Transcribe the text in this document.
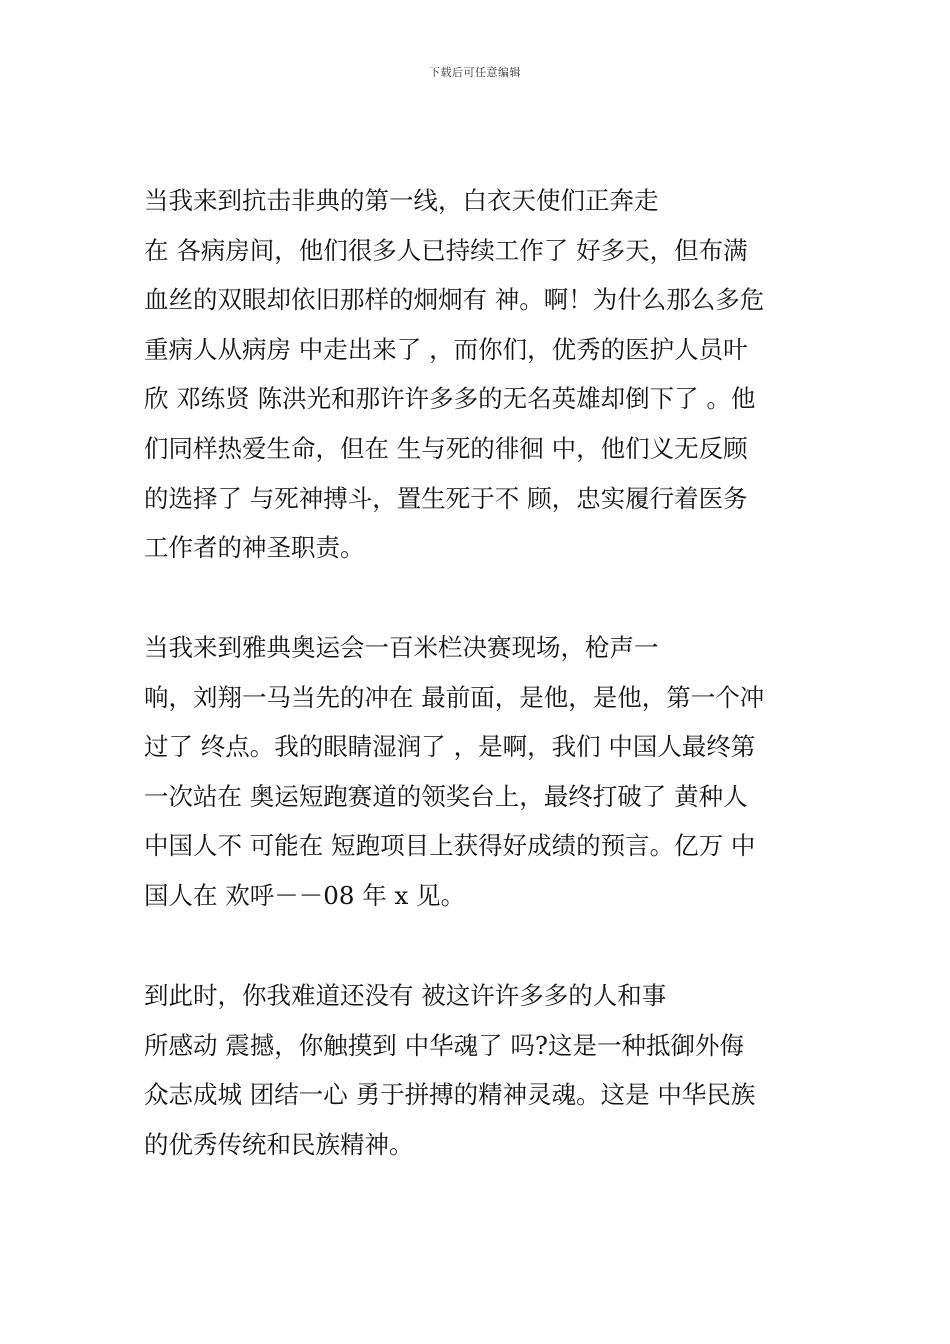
下载后可任意编辑

当我来到抗击非典的第一线，白衣天使们正奔走
在 各病房间，他们很多人已持续工作了 好多天，但布满
血丝的双眼却依旧那样的炯炯有 神。啊！为什么那么多危
重病人从病房 中走出来了 ，而你们，优秀的医护人员叶
欣 邓练贤 陈洪光和那许许多多的无名英雄却倒下了 。他
们同样热爱生命，但在 生与死的徘徊 中，他们义无反顾
的选择了 与死神搏斗，置生死于不 顾，忠实履行着医务
工作者的神圣职责。

当我来到雅典奥运会一百米栏决赛现场，枪声一
响，刘翔一马当先的冲在 最前面，是他，是他，第一个冲
过了 终点。我的眼睛湿润了 ，是啊，我们 中国人最终第
一次站在 奥运短跑赛道的领奖台上，最终打破了 黄种人
中国人不 可能在 短跑项目上获得好成绩的预言。亿万 中
国人在 欢呼－－08 年 x 见。

到此时，你我难道还没有 被这许许多多的人和事
所感动 震撼，你触摸到 中华魂了 吗?这是一种抵御外侮
众志成城 团结一心 勇于拼搏的精神灵魂。这是 中华民族
的优秀传统和民族精神。
